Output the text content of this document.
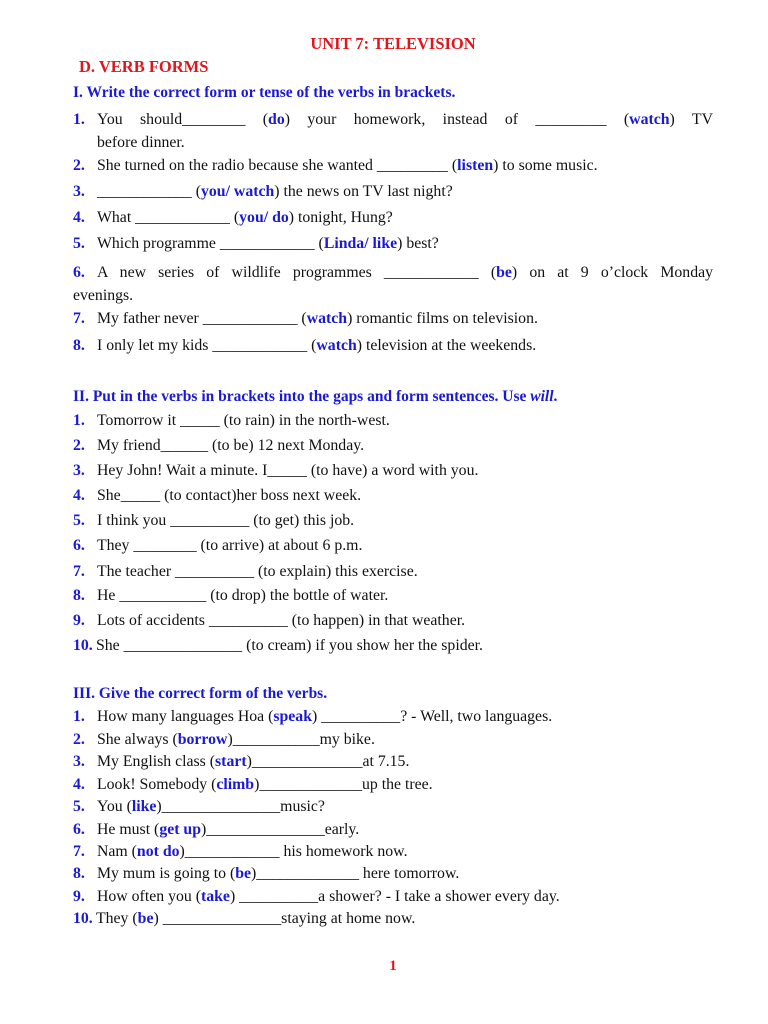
UNIT 7: TELEVISION
D. VERB FORMS
I. Write the correct form or tense of the verbs in brackets.
1. You should________ (do) your homework, instead of _________ (watch) TV
before dinner.
2. She turned on the radio because she wanted _________ (listen) to some music.
3. ____________ (you/ watch) the news on TV last night?
4. What ____________ (you/ do) tonight, Hung?
5. Which programme ____________ (Linda/ like) best?
6. A new series of wildlife programmes ____________ (be) on at 9 o’clock Monday
evenings.
7. My father never ____________ (watch) romantic films on television.
8. I only let my kids ____________ (watch) television at the weekends.
II. Put in the verbs in brackets into the gaps and form sentences. Use will.
1. Tomorrow it _____ (to rain) in the north-west.
2. My friend______ (to be) 12 next Monday.
3. Hey John! Wait a minute. I_____ (to have) a word with you.
4. She_____ (to contact)her boss next week.
5. I think you __________ (to get) this job.
6. They ________ (to arrive) at about 6 p.m.
7. The teacher __________ (to explain) this exercise.
8. He ___________ (to drop) the bottle of water.
9. Lots of accidents __________ (to happen) in that weather.
10. She _______________ (to cream) if you show her the spider.
III. Give the correct form of the verbs.
1. How many languages Hoa (speak) __________? - Well, two languages.
2. She always (borrow)___________my bike.
3. My English class (start)______________at 7.15.
4. Look! Somebody (climb)_____________up the tree.
5. You (like)_______________music?
6. He must (get up)_______________early.
7. Nam (not do)____________ his homework now.
8. My mum is going to (be)_____________ here tomorrow.
9. How often you (take) __________a shower? - I take a shower every day.
10. They (be) _______________staying at home now.
1
